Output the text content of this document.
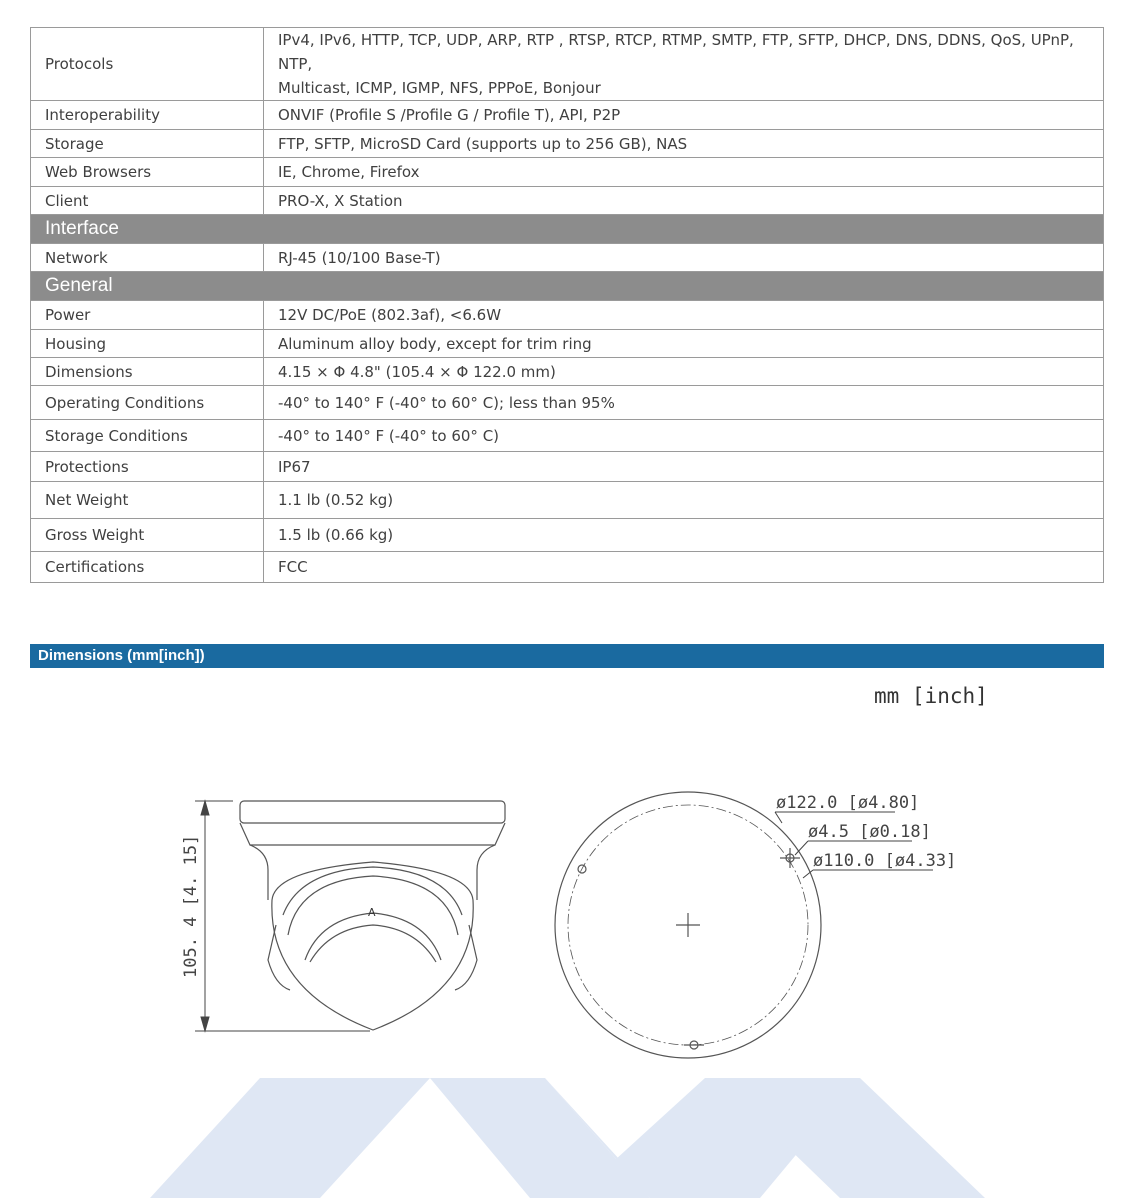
Protocols	IPv4, IPv6, HTTP, TCP, UDP, ARP, RTP , RTSP, RTCP, RTMP, SMTP, FTP, SFTP, DHCP, DNS, DDNS, QoS, UPnP, NTP,
Multicast, ICMP, IGMP, NFS, PPPoE, Bonjour

Interoperability	ONVIF (Profile S /Profile G / Profile T), API, P2P
Storage	FTP, SFTP, MicroSD Card (supports up to 256 GB), NAS
Web Browsers	IE, Chrome, Firefox
Client	PRO-X, X Station
Interface	
Network	RJ-45 (10/100 Base-T)
General	
Power	12V DC/PoE (802.3af), <6.6W
Housing	Aluminum alloy body, except for trim ring
Dimensions	4.15 × Φ 4.8" (105.4 × Φ 122.0 mm)
Operating Conditions	-40° to 140° F (-40° to 60° C); less than 95%
Storage Conditions	-40° to 140° F (-40° to 60° C)
Protections	IP67
Net Weight	1.1 lb (0.52 kg)
Gross Weight	1.5 lb (0.66 kg)
Certifications	FCC
Dimensions (mm[inch])
mm [inch]
105. 4 [4. 15]	A
ø122.0 [ø4.80]
ø4.5 [ø0.18]
ø110.0 [ø4.33]
